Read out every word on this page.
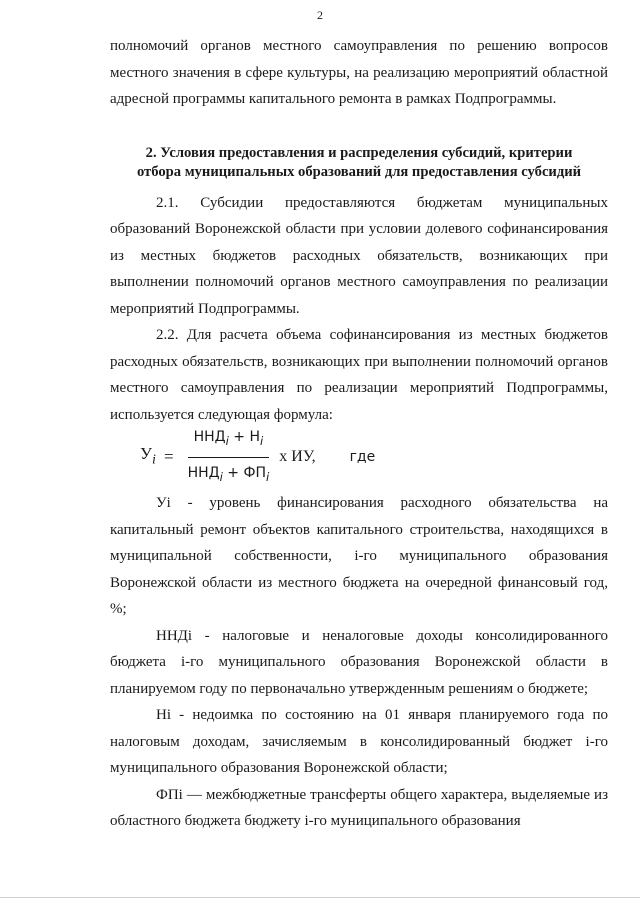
2

полномочий органов местного самоуправления по решению вопросов местного значения в сфере культуры, на реализацию мероприятий областной адресной программы капитального ремонта в рамках Подпрограммы.

2. Условия предоставления и распределения субсидий, критерии
отбора муниципальных образований для предоставления субсидий

2.1. Субсидии предоставляются бюджетам муниципальных образований Воронежской области при условии долевого софинансирования из местных бюджетов расходных обязательств, возникающих при выполнении полномочий органов местного самоуправления по реализации мероприятий Подпрограммы.

2.2. Для расчета объема софинансирования из местных бюджетов расходных обязательств, возникающих при выполнении полномочий органов местного самоуправления по реализации мероприятий Подпрограммы, используется следующая формула:

$У_i = \frac{ННД_i + Н_i}{ННД_i + ФП_i}$ х ИУ, где

Уi - уровень финансирования расходного обязательства на капитальный ремонт объектов капитального строительства, находящихся в муниципальной собственности, i-го муниципального образования Воронежской области из местного бюджета на очередной финансовый год, %;

ННДi - налоговые и неналоговые доходы консолидированного бюджета i-го муниципального образования Воронежской области в планируемом году по первоначально утвержденным решениям о бюджете;

Нi - недоимка по состоянию на 01 января планируемого года по налоговым доходам, зачисляемым в консолидированный бюджет i-го муниципального образования Воронежской области;

ФПi — межбюджетные трансферты общего характера, выделяемые из областного бюджета бюджету i-го муниципального образования
